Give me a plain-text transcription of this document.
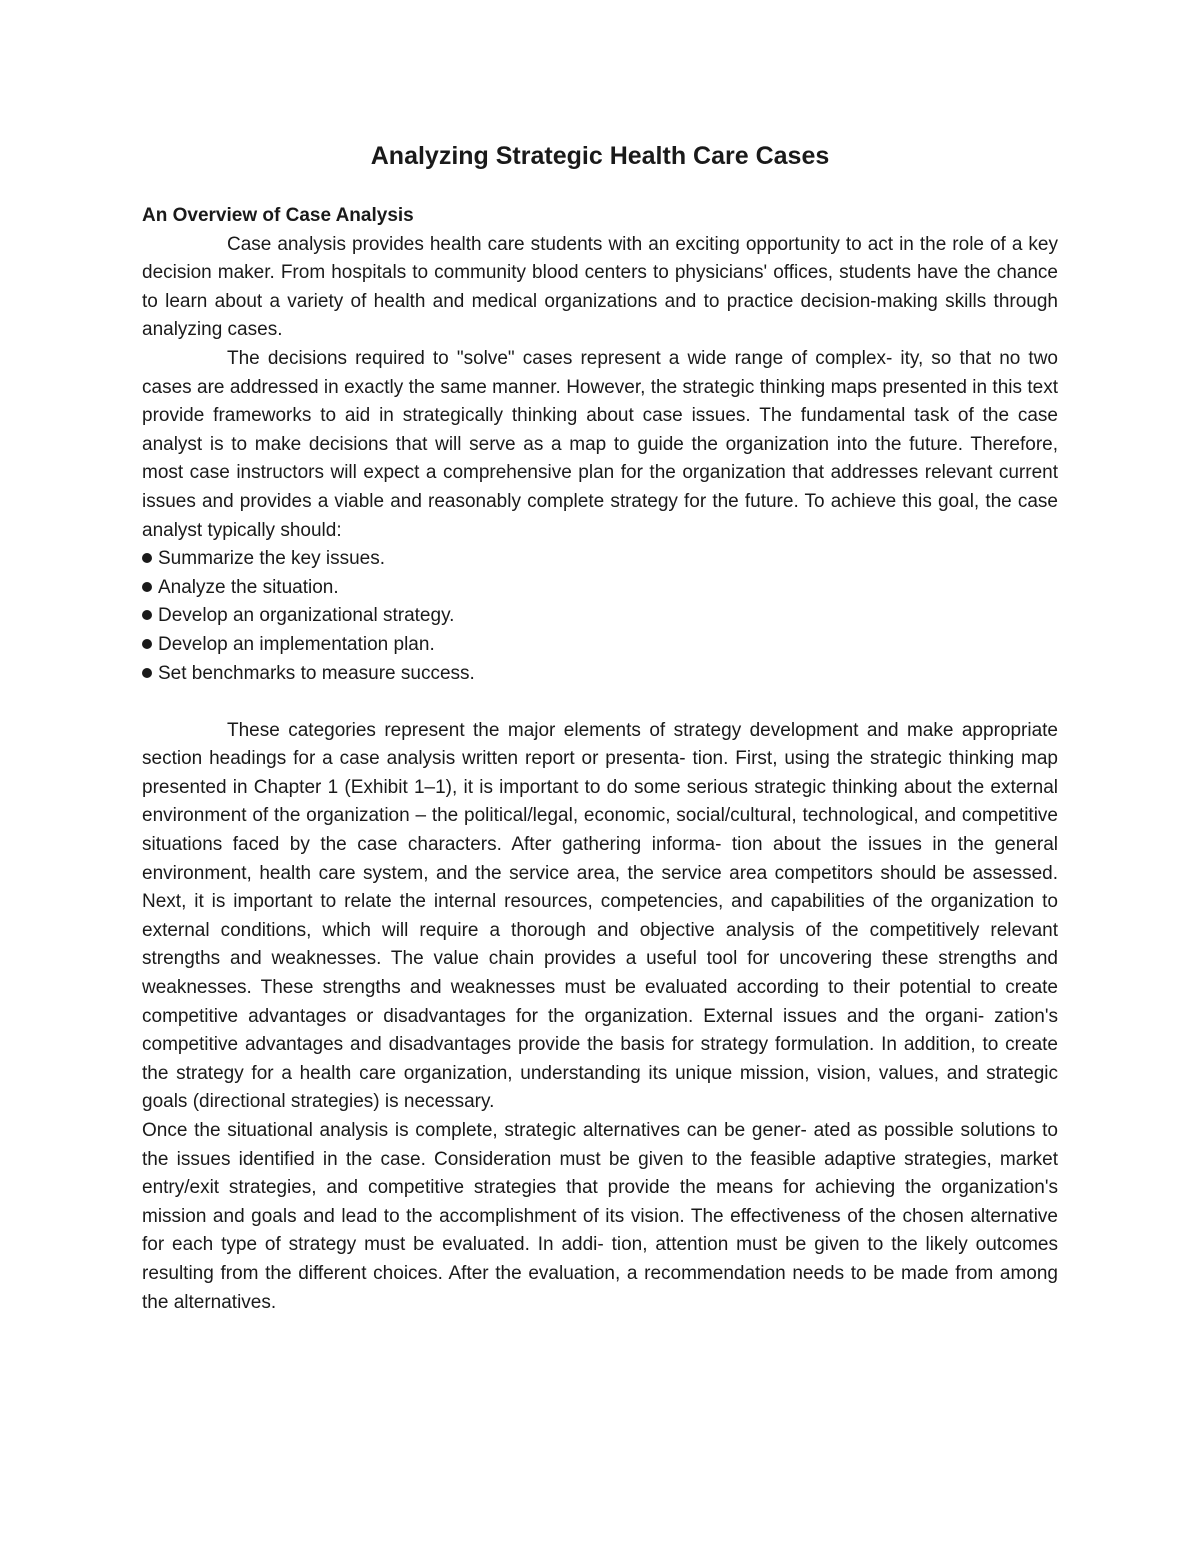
Analyzing Strategic Health Care Cases
An Overview of Case Analysis

Case analysis provides health care students with an exciting opportunity to act in the role of a key decision maker. From hospitals to community blood centers to physicians' offices, students have the chance to learn about a variety of health and medical organizations and to practice decision-making skills through analyzing cases.

The decisions required to "solve" cases represent a wide range of complex- ity, so that no two cases are addressed in exactly the same manner. However, the strategic thinking maps presented in this text provide frameworks to aid in strategically thinking about case issues. The fundamental task of the case analyst is to make decisions that will serve as a map to guide the organization into the future. Therefore, most case instructors will expect a comprehensive plan for the organization that addresses relevant current issues and provides a viable and reasonably complete strategy for the future. To achieve this goal, the case analyst typically should:

Summarize the key issues.
Analyze the situation.
Develop an organizational strategy.
Develop an implementation plan.
Set benchmarks to measure success.

These categories represent the major elements of strategy development and make appropriate section headings for a case analysis written report or presenta- tion. First, using the strategic thinking map presented in Chapter 1 (Exhibit 1–1), it is important to do some serious strategic thinking about the external environment of the organization – the political/legal, economic, social/cultural, technological, and competitive situations faced by the case characters. After gathering informa- tion about the issues in the general environment, health care system, and the service area, the service area competitors should be assessed. Next, it is important to relate the internal resources, competencies, and capabilities of the organization to external conditions, which will require a thorough and objective analysis of the competitively relevant strengths and weaknesses. The value chain provides a useful tool for uncovering these strengths and weaknesses. These strengths and weaknesses must be evaluated according to their potential to create competitive advantages or disadvantages for the organization. External issues and the organi- zation's competitive advantages and disadvantages provide the basis for strategy formulation. In addition, to create the strategy for a health care organization, understanding its unique mission, vision, values, and strategic goals (directional strategies) is necessary.

Once the situational analysis is complete, strategic alternatives can be gener- ated as possible solutions to the issues identified in the case. Consideration must be given to the feasible adaptive strategies, market entry/exit strategies, and competitive strategies that provide the means for achieving the organization's mission and goals and lead to the accomplishment of its vision. The effectiveness of the chosen alternative for each type of strategy must be evaluated. In addi- tion, attention must be given to the likely outcomes resulting from the different choices. After the evaluation, a recommendation needs to be made from among the alternatives.
